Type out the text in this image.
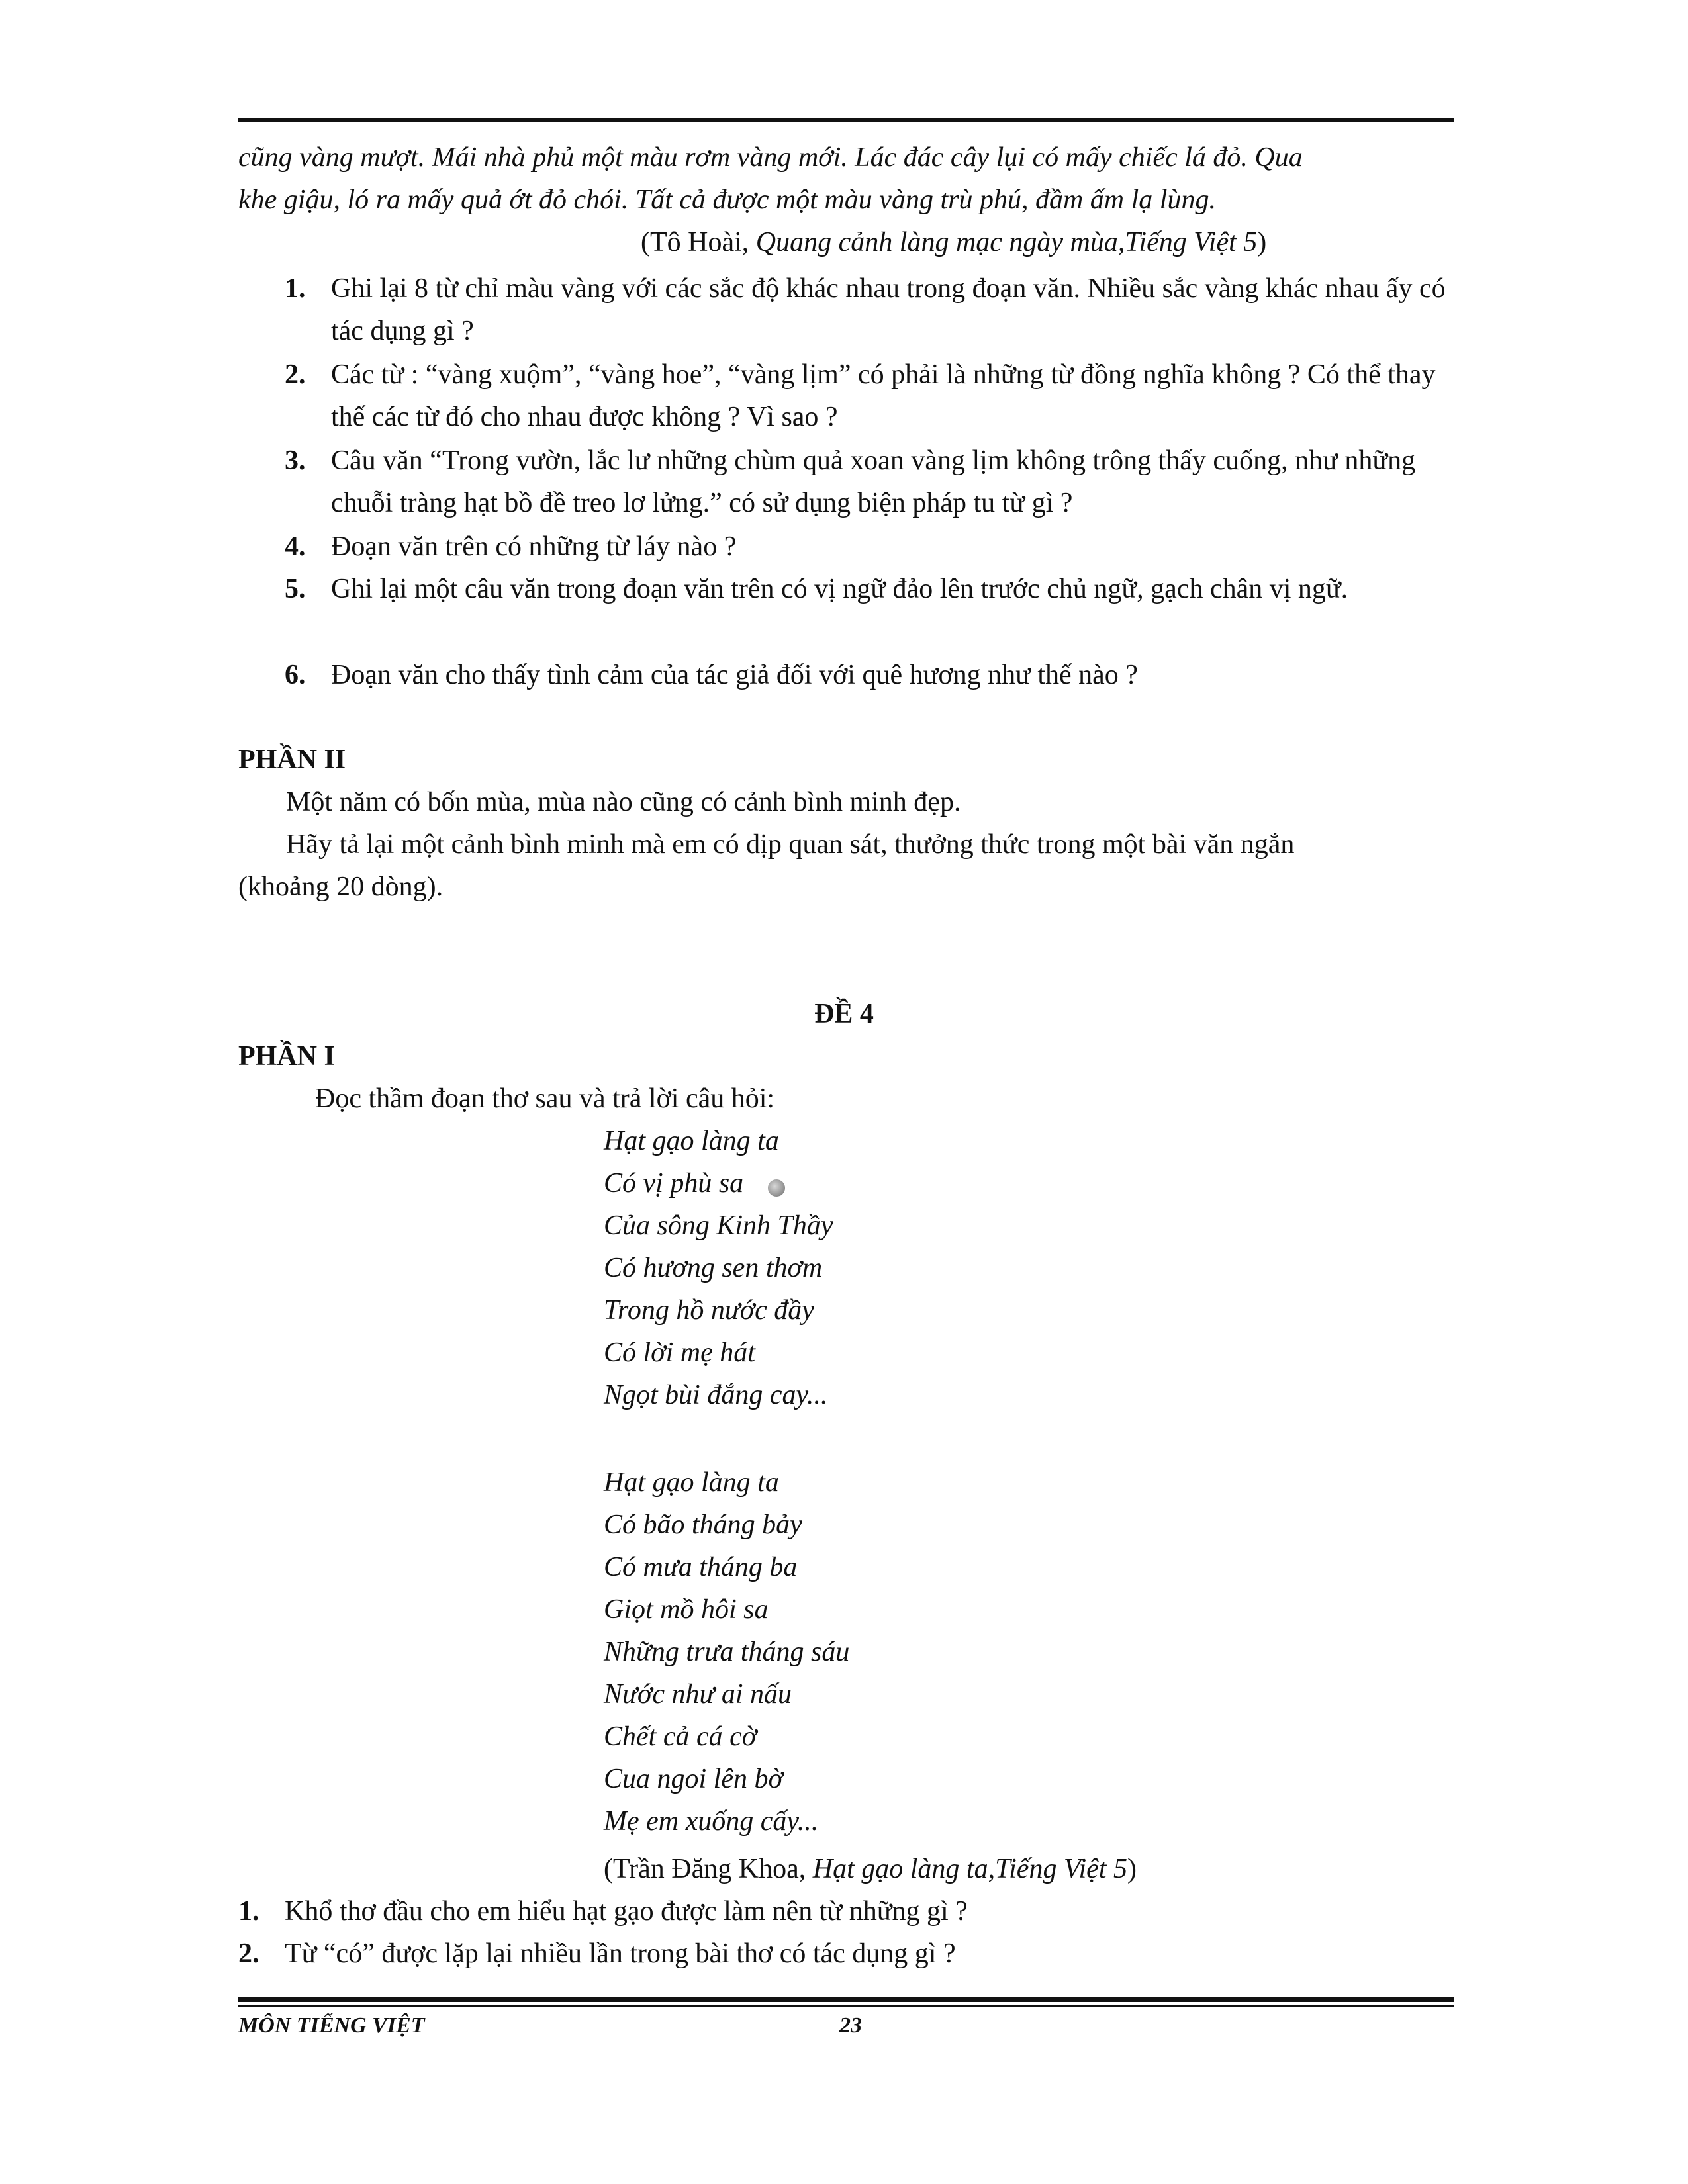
cũng vàng mượt. Mái nhà phủ một màu rơm vàng mới. Lác đác cây lụi có mấy chiếc lá đỏ. Qua
khe giậu, ló ra mấy quả ớt đỏ chói. Tất cả được một màu vàng trù phú, đầm ấm lạ lùng.
(Tô Hoài, Quang cảnh làng mạc ngày mùa,Tiếng Việt 5)
1. Ghi lại 8 từ chỉ màu vàng với các sắc độ khác nhau trong đoạn văn. Nhiều sắc vàng khác nhau ấy có tác dụng gì ?
2. Các từ : “vàng xuộm”, “vàng hoe”, “vàng lịm” có phải là những từ đồng nghĩa không ? Có thể thay thế các từ đó cho nhau được không ? Vì sao ?
3. Câu văn “Trong vườn, lắc lư những chùm quả xoan vàng lịm không trông thấy cuống, như những chuỗi tràng hạt bồ đề treo lơ lửng.” có sử dụng biện pháp tu từ gì ?
4. Đoạn văn trên có những từ láy nào ?
5. Ghi lại một câu văn trong đoạn văn trên có vị ngữ đảo lên trước chủ ngữ, gạch chân vị ngữ.
6. Đoạn văn cho thấy tình cảm của tác giả đối với quê hương như thế nào ?
PHẦN II
Một năm có bốn mùa, mùa nào cũng có cảnh bình minh đẹp.
Hãy tả lại một cảnh bình minh mà em có dịp quan sát, thưởng thức trong một bài văn ngắn
(khoảng 20 dòng).
ĐỀ 4
PHẦN I
Đọc thầm đoạn thơ sau và trả lời câu hỏi:
Hạt gạo làng ta
Có vị phù sa
Của sông Kinh Thầy
Có hương sen thơm
Trong hồ nước đầy
Có lời mẹ hát
Ngọt bùi đắng cay...
Hạt gạo làng ta
Có bão tháng bảy
Có mưa tháng ba
Giọt mồ hôi sa
Những trưa tháng sáu
Nước như ai nấu
Chết cả cá cờ
Cua ngoi lên bờ
Mẹ em xuống cấy...
(Trần Đăng Khoa, Hạt gạo làng ta,Tiếng Việt 5)
1. Khổ thơ đầu cho em hiểu hạt gạo được làm nên từ những gì ?
2. Từ “có” được lặp lại nhiều lần trong bài thơ có tác dụng gì ?
MÔN TIẾNG VIỆT	23
